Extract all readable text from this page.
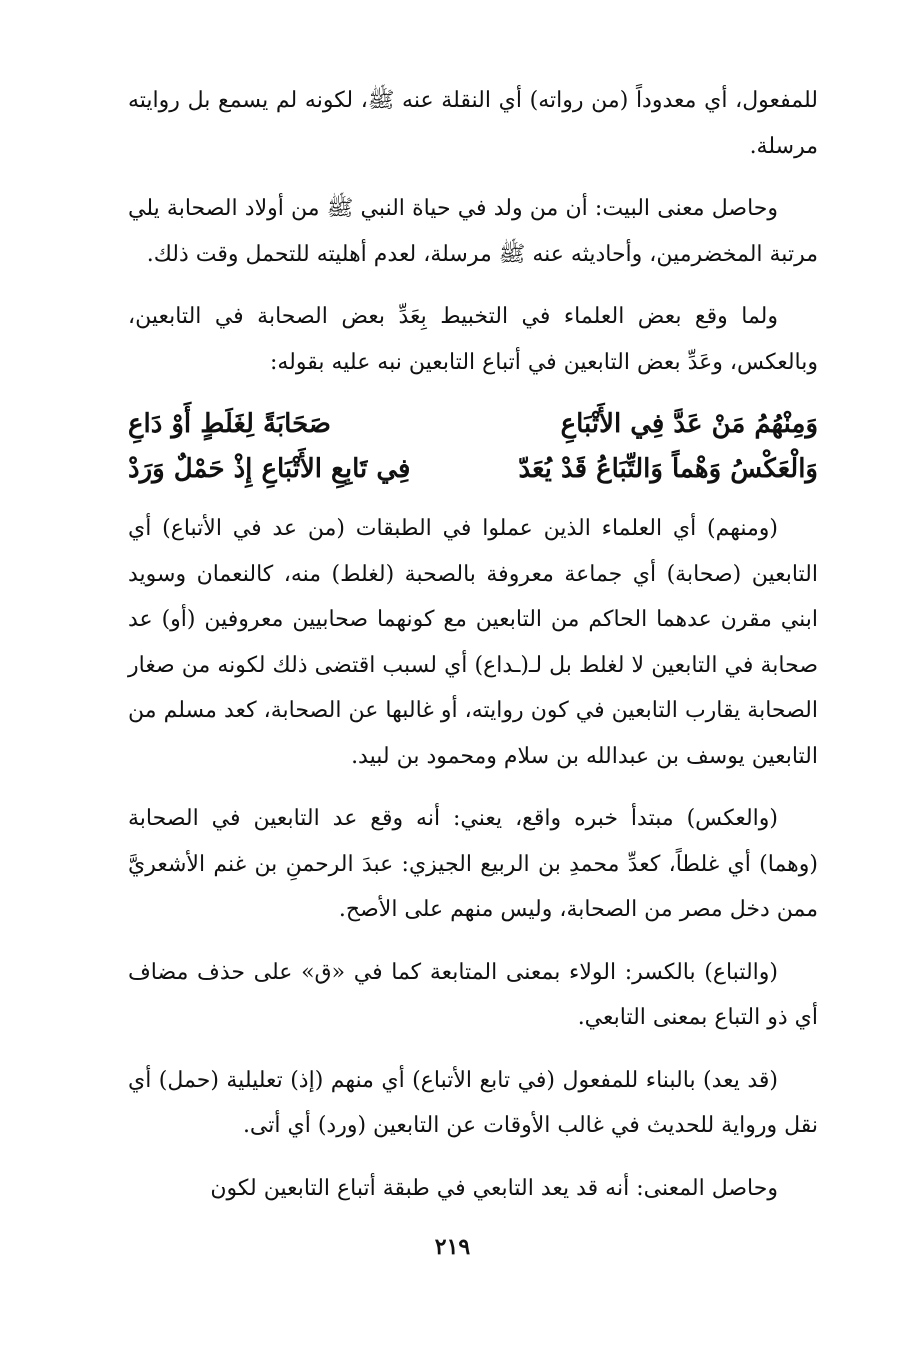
للمفعول، أي معدوداً (من رواته) أي النقلة عنه ﷺ، لكونه لم يسمع بل روايته مرسلة.

وحاصل معنى البيت: أن من ولد في حياة النبي ﷺ من أولاد الصحابة يلي مرتبة المخضرمين، وأحاديثه عنه ﷺ مرسلة، لعدم أهليته للتحمل وقت ذلك.

ولما وقع بعض العلماء في التخبيط بِعَدِّ بعض الصحابة في التابعين، وبالعكس، وعَدِّ بعض التابعين في أتباع التابعين نبه عليه بقوله:

وَمِنْهُمُ مَنْ عَدَّ فِي الأَتْبَاعِ
صَحَابَةً لِغَلَطٍ أَوْ دَاعِ
وَالْعَكْسُ وَهْماً وَالتِّبَاعُ قَدْ يُعَدّ
فِي تَابِعِ الأَتْبَاعِ إِذْ حَمْلٌ وَرَدْ

(ومنهم) أي العلماء الذين عملوا في الطبقات (من عد في الأتباع) أي التابعين (صحابة) أي جماعة معروفة بالصحبة (لغلط) منه، كالنعمان وسويد ابني مقرن عدهما الحاكم من التابعين مع كونهما صحابيين معروفين (أو) عد صحابة في التابعين لا لغلط بل لـ(ـداع) أي لسبب اقتضى ذلك لكونه من صغار الصحابة يقارب التابعين في كون روايته، أو غالبها عن الصحابة، كعد مسلم من التابعين يوسف بن عبدالله بن سلام ومحمود بن لبيد.

(والعكس) مبتدأ خبره واقع، يعني: أنه وقع عد التابعين في الصحابة (وهما) أي غلطاً، كعدِّ محمدِ بن الربيع الجيزي: عبدَ الرحمنِ بن غنم الأشعريَّ ممن دخل مصر من الصحابة، وليس منهم على الأصح.

(والتباع) بالكسر: الولاء بمعنى المتابعة كما في «ق» على حذف مضاف أي ذو التباع بمعنى التابعي.

(قد يعد) بالبناء للمفعول (في تابع الأتباع) أي منهم (إذ) تعليلية (حمل) أي نقل ورواية للحديث في غالب الأوقات عن التابعين (ورد) أي أتى.

وحاصل المعنى: أنه قد يعد التابعي في طبقة أتباع التابعين لكون

٢١٩
